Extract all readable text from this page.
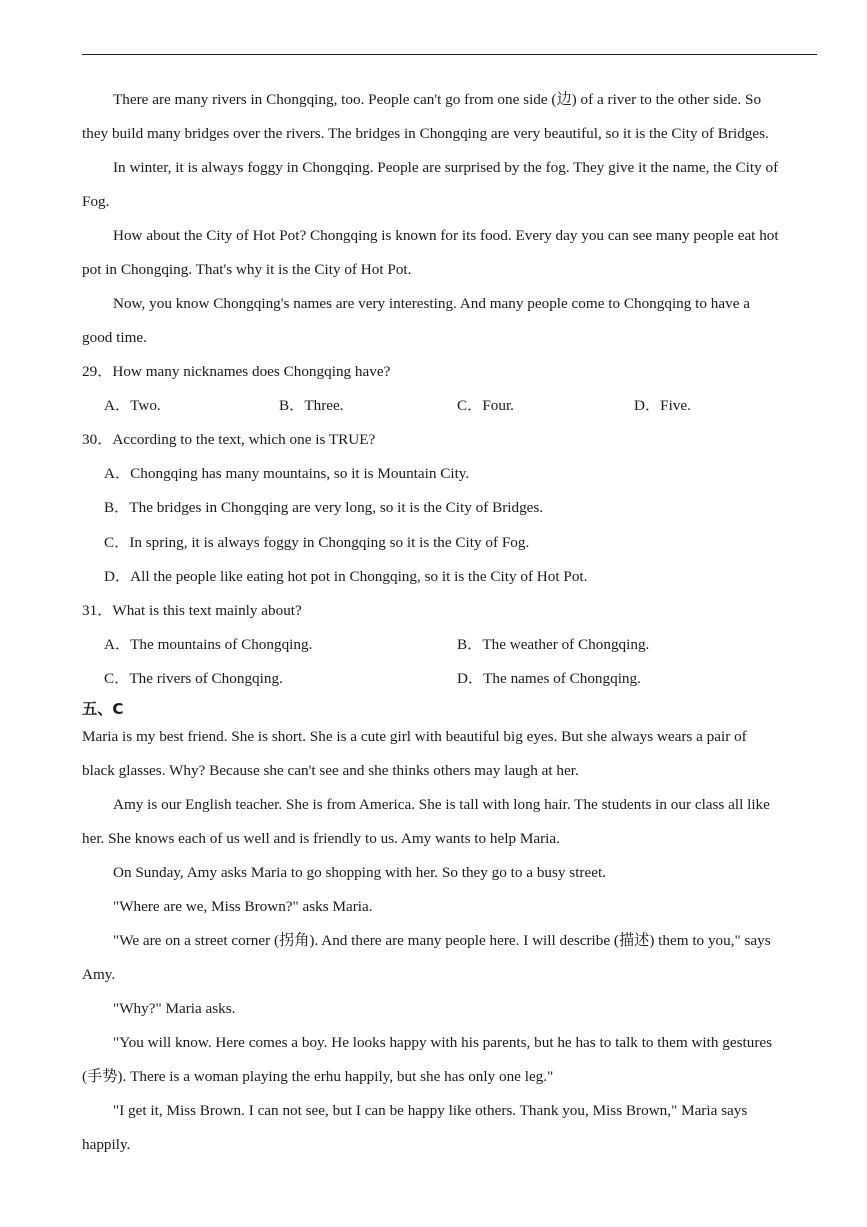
There are many rivers in Chongqing, too. People can't go from one side (边) of a river to the other side. So
they build many bridges over the rivers. The bridges in Chongqing are very beautiful, so it is the City of Bridges.
In winter, it is always foggy in Chongqing. People are surprised by the fog. They give it the name, the City of
Fog.
How about the City of Hot Pot? Chongqing is known for its food. Every day you can see many people eat hot
pot in Chongqing. That's why it is the City of Hot Pot.
Now, you know Chongqing's names are very interesting. And many people come to Chongqing to have a
good time.
29．How many nicknames does Chongqing have?
A．Two.	B．Three.	C．Four.	D．Five.
30．According to the text, which one is TRUE?
A．Chongqing has many mountains, so it is Mountain City.
B．The bridges in Chongqing are very long, so it is the City of Bridges.
C．In spring, it is always foggy in Chongqing so it is the City of Fog.
D．All the people like eating hot pot in Chongqing, so it is the City of Hot Pot.
31．What is this text mainly about?
A．The mountains of Chongqing.	B．The weather of Chongqing.
C．The rivers of Chongqing.	D．The names of Chongqing.
五、C
Maria is my best friend. She is short. She is a cute girl with beautiful big eyes. But she always wears a pair of
black glasses. Why? Because she can't see and she thinks others may laugh at her.
Amy is our English teacher. She is from America. She is tall with long hair. The students in our class all like
her. She knows each of us well and is friendly to us. Amy wants to help Maria.
On Sunday, Amy asks Maria to go shopping with her. So they go to a busy street.
"Where are we, Miss Brown?" asks Maria.
"We are on a street corner (拐角). And there are many people here. I will describe (描述) them to you," says
Amy.
"Why?" Maria asks.
"You will know. Here comes a boy. He looks happy with his parents, but he has to talk to them with gestures
(手势). There is a woman playing the erhu happily, but she has only one leg."
"I get it, Miss Brown. I can not see, but I can be happy like others. Thank you, Miss Brown," Maria says
happily.
